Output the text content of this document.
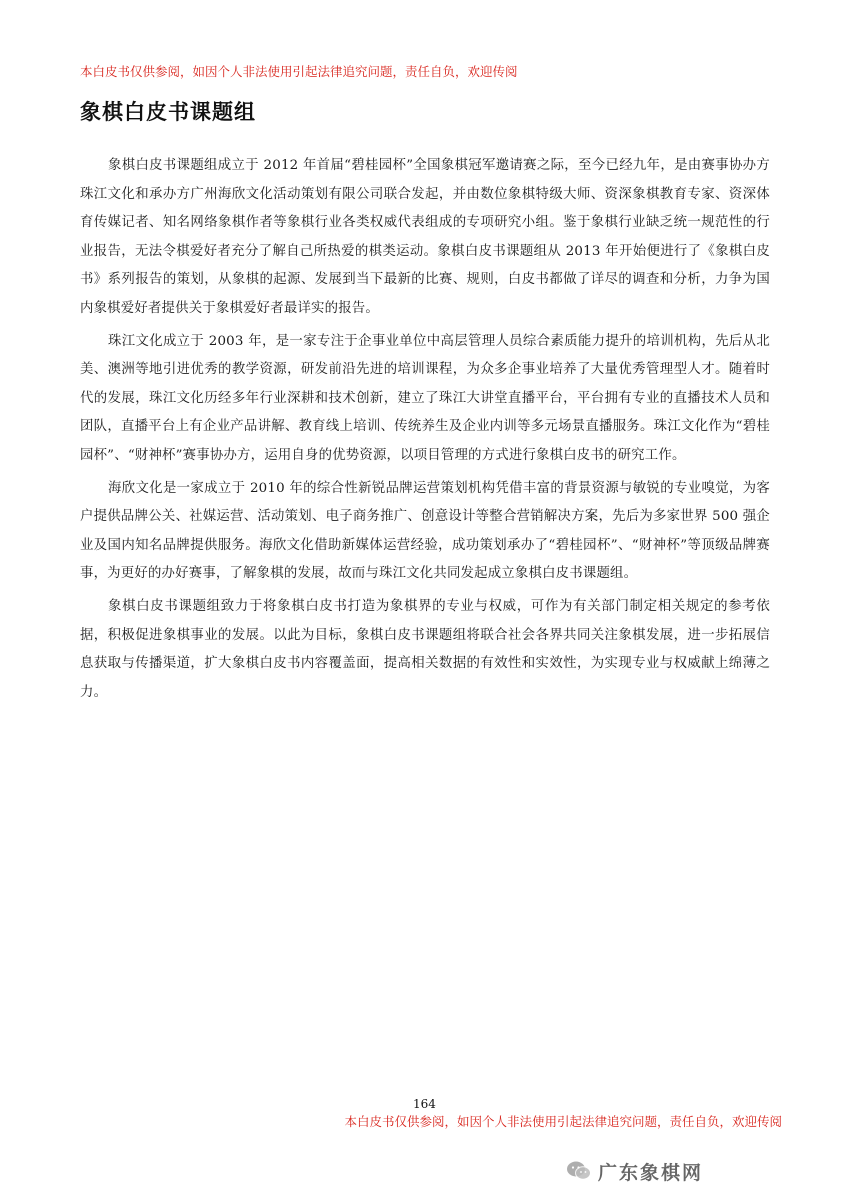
本白皮书仅供参阅，如因个人非法使用引起法律追究问题，责任自负，欢迎传阅
象棋白皮书课题组

象棋白皮书课题组成立于 2012 年首届“碧桂园杯”全国象棋冠军邀请赛之际，至今已经九年，是由赛事协办方珠江文化和承办方广州海欣文化活动策划有限公司联合发起，并由数位象棋特级大师、资深象棋教育专家、资深体育传媒记者、知名网络象棋作者等象棋行业各类权威代表组成的专项研究小组。鉴于象棋行业缺乏统一规范性的行业报告，无法令棋爱好者充分了解自己所热爱的棋类运动。象棋白皮书课题组从 2013 年开始便进行了《象棋白皮书》系列报告的策划，从象棋的起源、发展到当下最新的比赛、规则，白皮书都做了详尽的调查和分析，力争为国内象棋爱好者提供关于象棋爱好者最详实的报告。

珠江文化成立于 2003 年，是一家专注于企事业单位中高层管理人员综合素质能力提升的培训机构，先后从北美、澳洲等地引进优秀的教学资源，研发前沿先进的培训课程，为众多企事业培养了大量优秀管理型人才。随着时代的发展，珠江文化历经多年行业深耕和技术创新，建立了珠江大讲堂直播平台，平台拥有专业的直播技术人员和团队，直播平台上有企业产品讲解、教育线上培训、传统养生及企业内训等多元场景直播服务。珠江文化作为“碧桂园杯”、“财神杯”赛事协办方，运用自身的优势资源，以项目管理的方式进行象棋白皮书的研究工作。

海欣文化是一家成立于 2010 年的综合性新锐品牌运营策划机构凭借丰富的背景资源与敏锐的专业嗅觉，为客户提供品牌公关、社媒运营、活动策划、电子商务推广、创意设计等整合营销解决方案，先后为多家世界 500 强企业及国内知名品牌提供服务。海欣文化借助新媒体运营经验，成功策划承办了“碧桂园杯”、“财神杯”等顶级品牌赛事，为更好的办好赛事，了解象棋的发展，故而与珠江文化共同发起成立象棋白皮书课题组。

象棋白皮书课题组致力于将象棋白皮书打造为象棋界的专业与权威，可作为有关部门制定相关规定的参考依据，积极促进象棋事业的发展。以此为目标，象棋白皮书课题组将联合社会各界共同关注象棋发展，进一步拓展信息获取与传播渠道，扩大象棋白皮书内容覆盖面，提高相关数据的有效性和实效性，为实现专业与权威献上绵薄之力。

164
本白皮书仅供参阅，如因个人非法使用引起法律追究问题，责任自负，欢迎传阅
广东象棋网
